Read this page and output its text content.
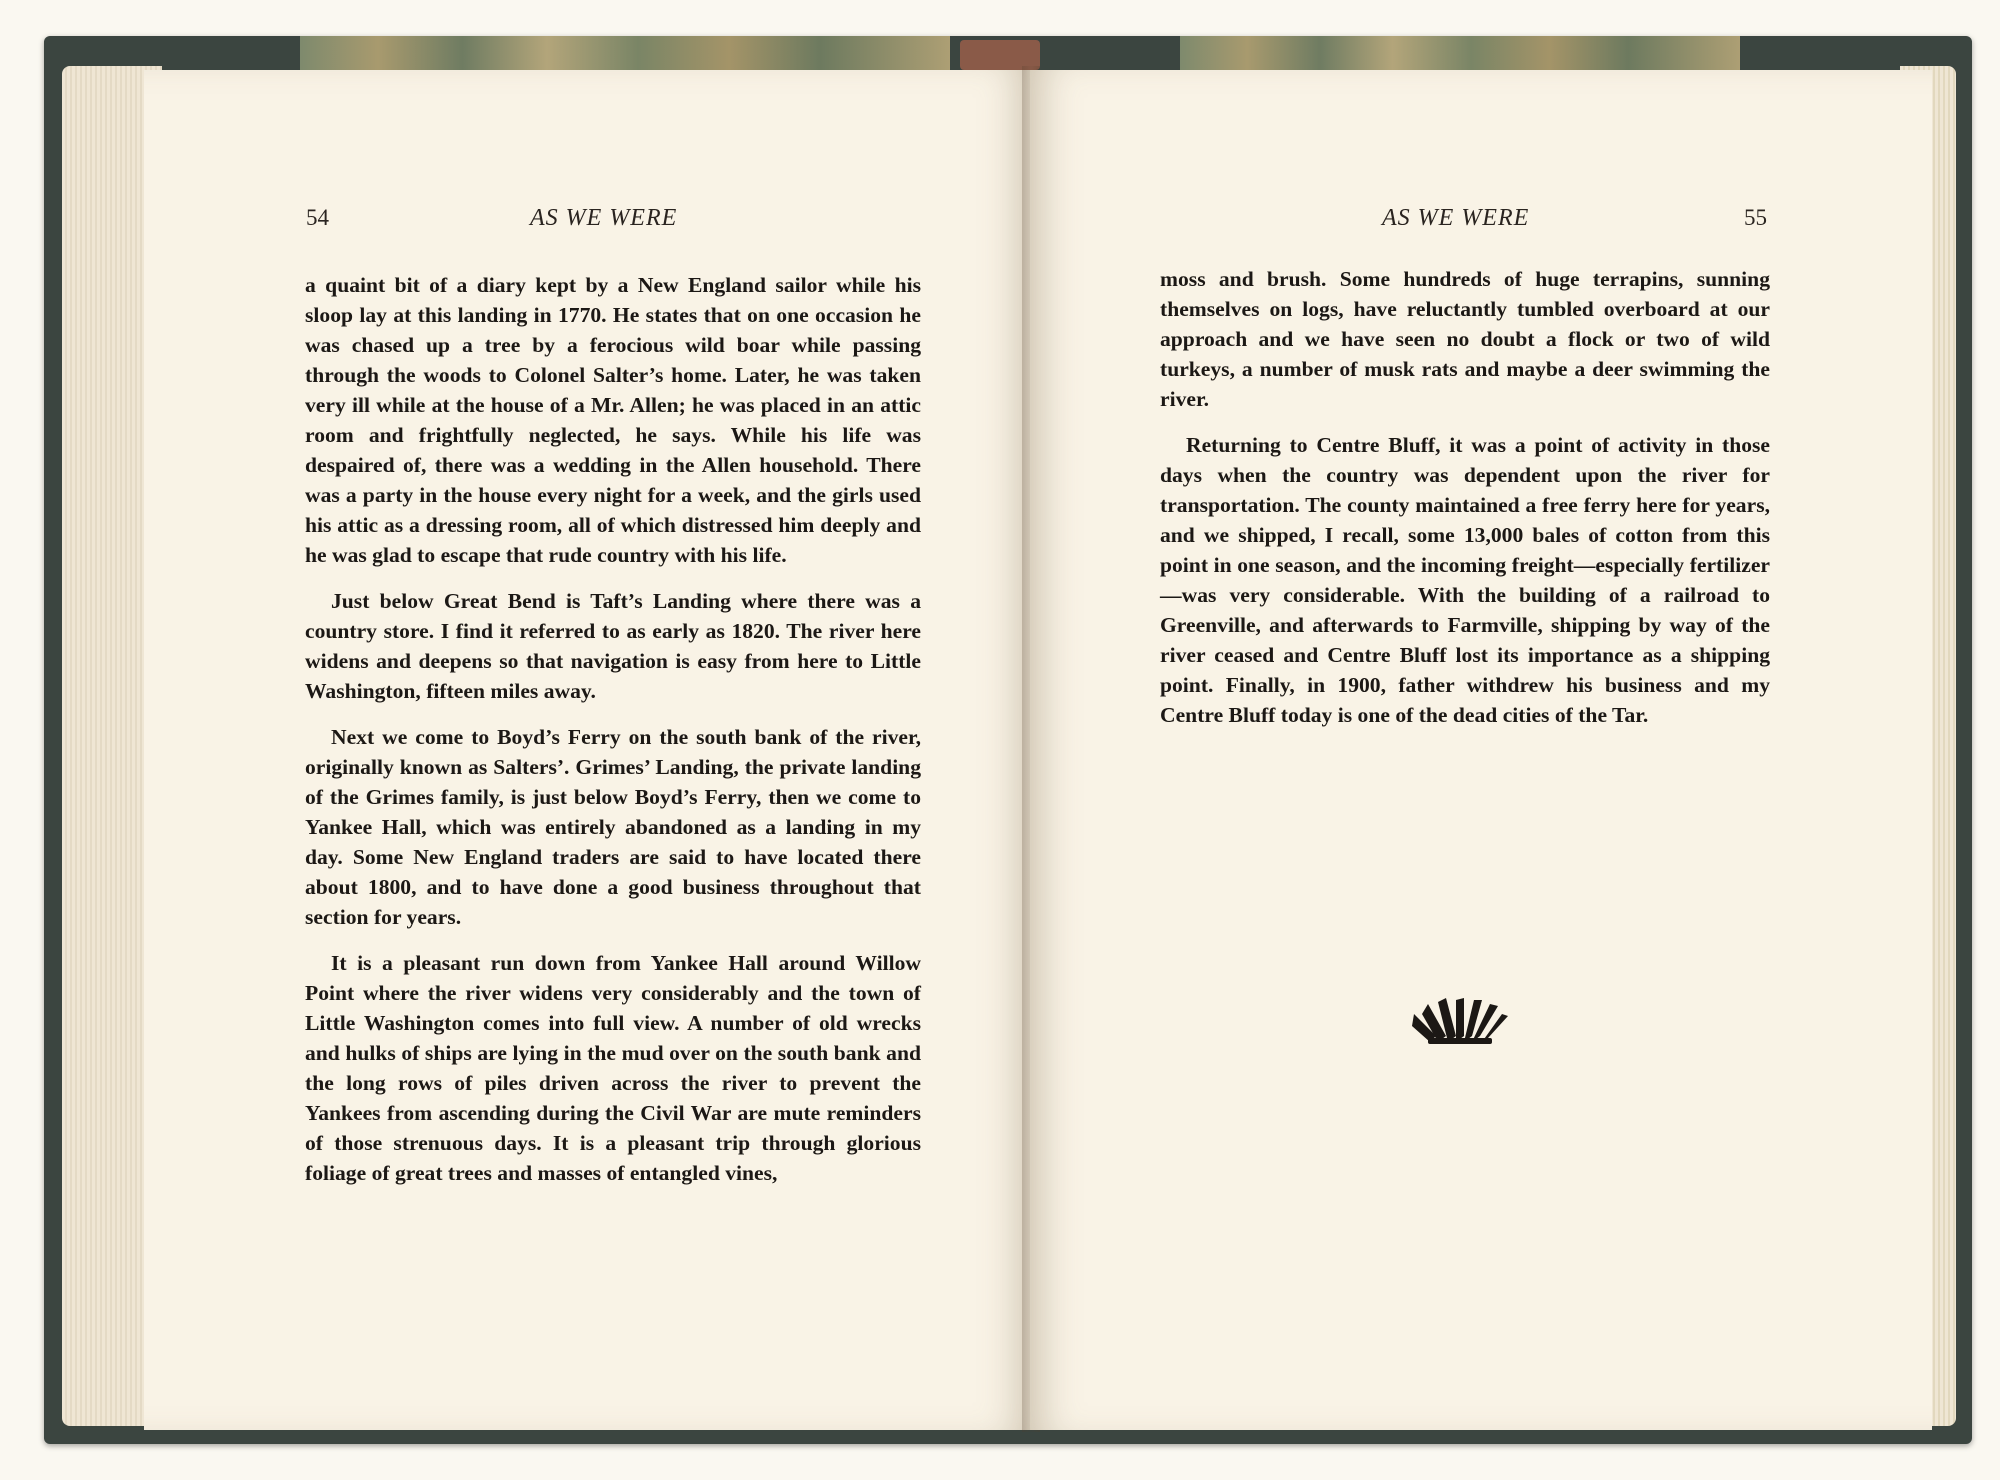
54	AS WE WERE

a quaint bit of a diary kept by a New England sailor while his sloop lay at this landing in 1770. He states that on one occasion he was chased up a tree by a ferocious wild boar while passing through the woods to Colonel Salter’s home. Later, he was taken very ill while at the house of a Mr. Allen; he was placed in an attic room and frightfully neglected, he says. While his life was despaired of, there was a wedding in the Allen household. There was a party in the house every night for a week, and the girls used his attic as a dressing room, all of which distressed him deeply and he was glad to escape that rude country with his life.

Just below Great Bend is Taft’s Landing where there was a country store. I find it referred to as early as 1820. The river here widens and deepens so that navigation is easy from here to Little Washington, fifteen miles away.

Next we come to Boyd’s Ferry on the south bank of the river, originally known as Salters’. Grimes’ Landing, the private landing of the Grimes family, is just below Boyd’s Ferry, then we come to Yankee Hall, which was entirely abandoned as a landing in my day. Some New England traders are said to have located there about 1800, and to have done a good business throughout that section for years.

It is a pleasant run down from Yankee Hall around Willow Point where the river widens very considerably and the town of Little Washington comes into full view. A number of old wrecks and hulks of ships are lying in the mud over on the south bank and the long rows of piles driven across the river to prevent the Yankees from ascending during the Civil War are mute reminders of those strenuous days. It is a pleasant trip through glorious foliage of great trees and masses of entangled vines,

AS WE WERE	55

moss and brush. Some hundreds of huge terrapins, sunning themselves on logs, have reluctantly tumbled overboard at our approach and we have seen no doubt a flock or two of wild turkeys, a number of musk rats and maybe a deer swimming the river.

Returning to Centre Bluff, it was a point of activity in those days when the country was dependent upon the river for transportation. The county maintained a free ferry here for years, and we shipped, I recall, some 13,000 bales of cotton from this point in one season, and the incoming freight—especially fertilizer—was very considerable. With the building of a railroad to Greenville, and afterwards to Farmville, shipping by way of the river ceased and Centre Bluff lost its importance as a shipping point. Finally, in 1900, father withdrew his business and my Centre Bluff today is one of the dead cities of the Tar.
